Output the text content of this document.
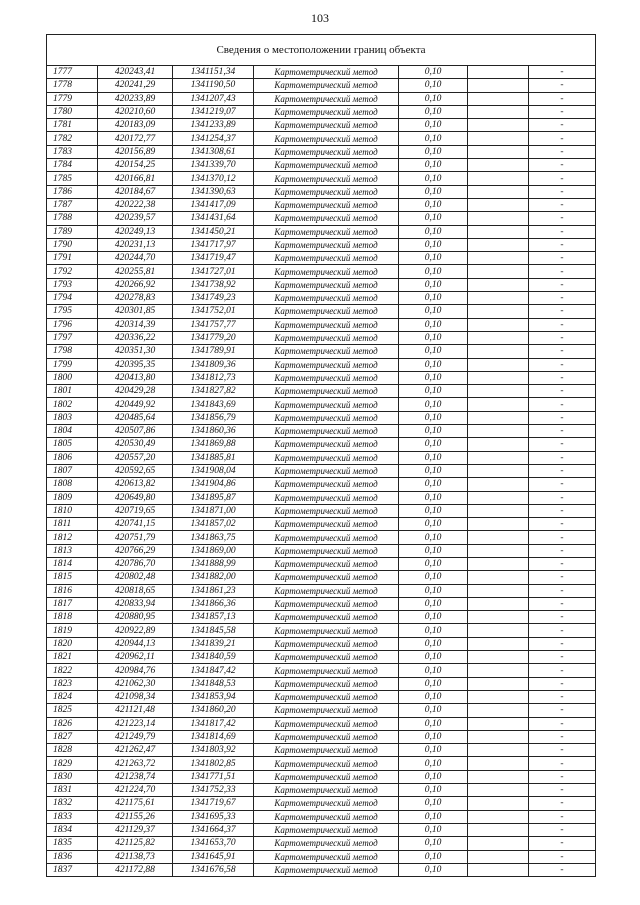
103
Сведения о местоположении границ объекта
1777	420243,41	1341151,34	Картометрический метод	0,10		-
1778	420241,29	1341190,50	Картометрический метод	0,10		-
1779	420233,89	1341207,43	Картометрический метод	0,10		-
1780	420210,60	1341219,07	Картометрический метод	0,10		-
1781	420183,09	1341233,89	Картометрический метод	0,10		-
1782	420172,77	1341254,37	Картометрический метод	0,10		-
1783	420156,89	1341308,61	Картометрический метод	0,10		-
1784	420154,25	1341339,70	Картометрический метод	0,10		-
1785	420166,81	1341370,12	Картометрический метод	0,10		-
1786	420184,67	1341390,63	Картометрический метод	0,10		-
1787	420222,38	1341417,09	Картометрический метод	0,10		-
1788	420239,57	1341431,64	Картометрический метод	0,10		-
1789	420249,13	1341450,21	Картометрический метод	0,10		-
1790	420231,13	1341717,97	Картометрический метод	0,10		-
1791	420244,70	1341719,47	Картометрический метод	0,10		-
1792	420255,81	1341727,01	Картометрический метод	0,10		-
1793	420266,92	1341738,92	Картометрический метод	0,10		-
1794	420278,83	1341749,23	Картометрический метод	0,10		-
1795	420301,85	1341752,01	Картометрический метод	0,10		-
1796	420314,39	1341757,77	Картометрический метод	0,10		-
1797	420336,22	1341779,20	Картометрический метод	0,10		-
1798	420351,30	1341789,91	Картометрический метод	0,10		-
1799	420395,35	1341809,36	Картометрический метод	0,10		-
1800	420413,80	1341812,73	Картометрический метод	0,10		-
1801	420429,28	1341827,82	Картометрический метод	0,10		-
1802	420449,92	1341843,69	Картометрический метод	0,10		-
1803	420485,64	1341856,79	Картометрический метод	0,10		-
1804	420507,86	1341860,36	Картометрический метод	0,10		-
1805	420530,49	1341869,88	Картометрический метод	0,10		-
1806	420557,20	1341885,81	Картометрический метод	0,10		-
1807	420592,65	1341908,04	Картометрический метод	0,10		-
1808	420613,82	1341904,86	Картометрический метод	0,10		-
1809	420649,80	1341895,87	Картометрический метод	0,10		-
1810	420719,65	1341871,00	Картометрический метод	0,10		-
1811	420741,15	1341857,02	Картометрический метод	0,10		-
1812	420751,79	1341863,75	Картометрический метод	0,10		-
1813	420766,29	1341869,00	Картометрический метод	0,10		-
1814	420786,70	1341888,99	Картометрический метод	0,10		-
1815	420802,48	1341882,00	Картометрический метод	0,10		-
1816	420818,65	1341861,23	Картометрический метод	0,10		-
1817	420833,94	1341866,36	Картометрический метод	0,10		-
1818	420880,95	1341857,13	Картометрический метод	0,10		-
1819	420922,89	1341845,58	Картометрический метод	0,10		-
1820	420944,13	1341839,21	Картометрический метод	0,10		-
1821	420962,11	1341840,59	Картометрический метод	0,10		-
1822	420984,76	1341847,42	Картометрический метод	0,10		-
1823	421062,30	1341848,53	Картометрический метод	0,10		-
1824	421098,34	1341853,94	Картометрический метод	0,10		-
1825	421121,48	1341860,20	Картометрический метод	0,10		-
1826	421223,14	1341817,42	Картометрический метод	0,10		-
1827	421249,79	1341814,69	Картометрический метод	0,10		-
1828	421262,47	1341803,92	Картометрический метод	0,10		-
1829	421263,72	1341802,85	Картометрический метод	0,10		-
1830	421238,74	1341771,51	Картометрический метод	0,10		-
1831	421224,70	1341752,33	Картометрический метод	0,10		-
1832	421175,61	1341719,67	Картометрический метод	0,10		-
1833	421155,26	1341695,33	Картометрический метод	0,10		-
1834	421129,37	1341664,37	Картометрический метод	0,10		-
1835	421125,82	1341653,70	Картометрический метод	0,10		-
1836	421138,73	1341645,91	Картометрический метод	0,10		-
1837	421172,88	1341676,58	Картометрический метод	0,10		-
